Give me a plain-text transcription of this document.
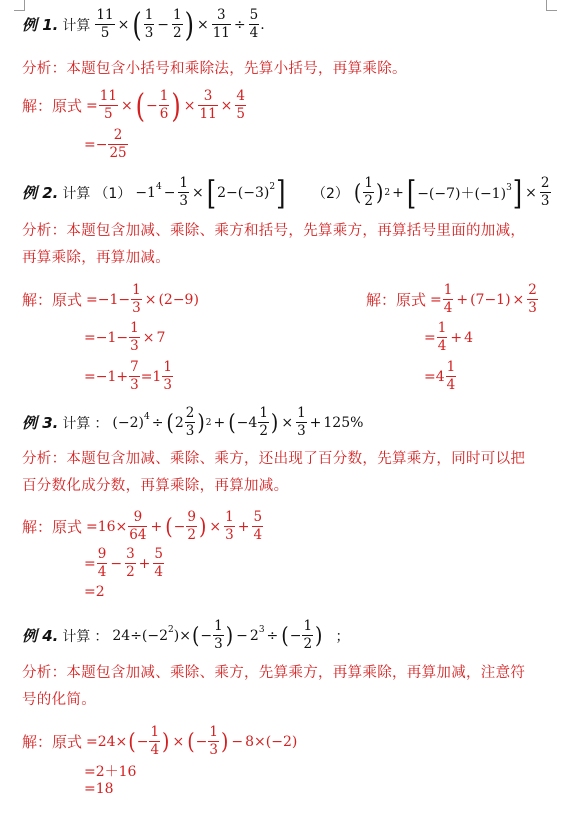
例 1. 计算 $\frac{11}{5}$ × ( $\frac{1}{3} - \frac{1}{2}$ ) × $\frac{3}{11} \div \frac{5}{4}$ .
分析：本题包含小括号和乘除法，先算小括号，再算乘除。
解：原式 = $\frac{11}{5}$ × ( − $\frac{1}{6}$ ) × $\frac{3}{11} \times \frac{4}{5}$
=− $\frac{2}{25}$
例 2. 计算 $(1) -1^4 - \frac{1}{3}$ × [ $2-(-3)^2$ ] （2） ( $\frac{1}{2}$ ) 2 + [ $-(-7)+(-1)^3$ ] × $\frac{2}{3}$
分析：本题包含加减、乘除、乘方和括号，先算乘方，再算括号里面的加减，再算乘除，再算加减。
解：原式 $=-1- \frac{1}{3} \times (2-9)$
$=-1- \frac{1}{3} \times 7$
$=-1+ \frac{7}{3} =1 \frac{1}{3}$
解：原式 = $\frac{1}{4} + (7-1) \times \frac{2}{3}$
= $\frac{1}{4} + 4$
$=4 \frac{1}{4}$
例 3. 计算 ： $(-2)^4$ ÷ ( $2 \frac{2}{3}$ ) 2 + ( $-4 \frac{1}{2}$ ) × $\frac{1}{3} + 125\%$
分析：本题包含加减、乘除、乘方，还出现了百分数，先算乘方，同时可以把百分数化成分数，再算乘除，再算加减。
解：原式 $=16\times \frac{9}{64}$ + ( − $\frac{9}{2}$ ) × $\frac{1}{3} + \frac{5}{4}$
= $\frac{9}{4} - \frac{3}{2} + \frac{5}{4}$
=2
例 4. 计算 ： $24\div(-2^2)\times$ ( − $\frac{1}{3}$ ) − $2^3$ ÷ ( − $\frac{1}{2}$ ) ；
分析：本题包含加减、乘除、乘方，先算乘方，再算乘除，再算加减，注意符号的化简。
解：原式 =24× ( − $\frac{1}{4}$ ) × ( − $\frac{1}{3}$ ) − 8×(−2)
=2＋16
=18
